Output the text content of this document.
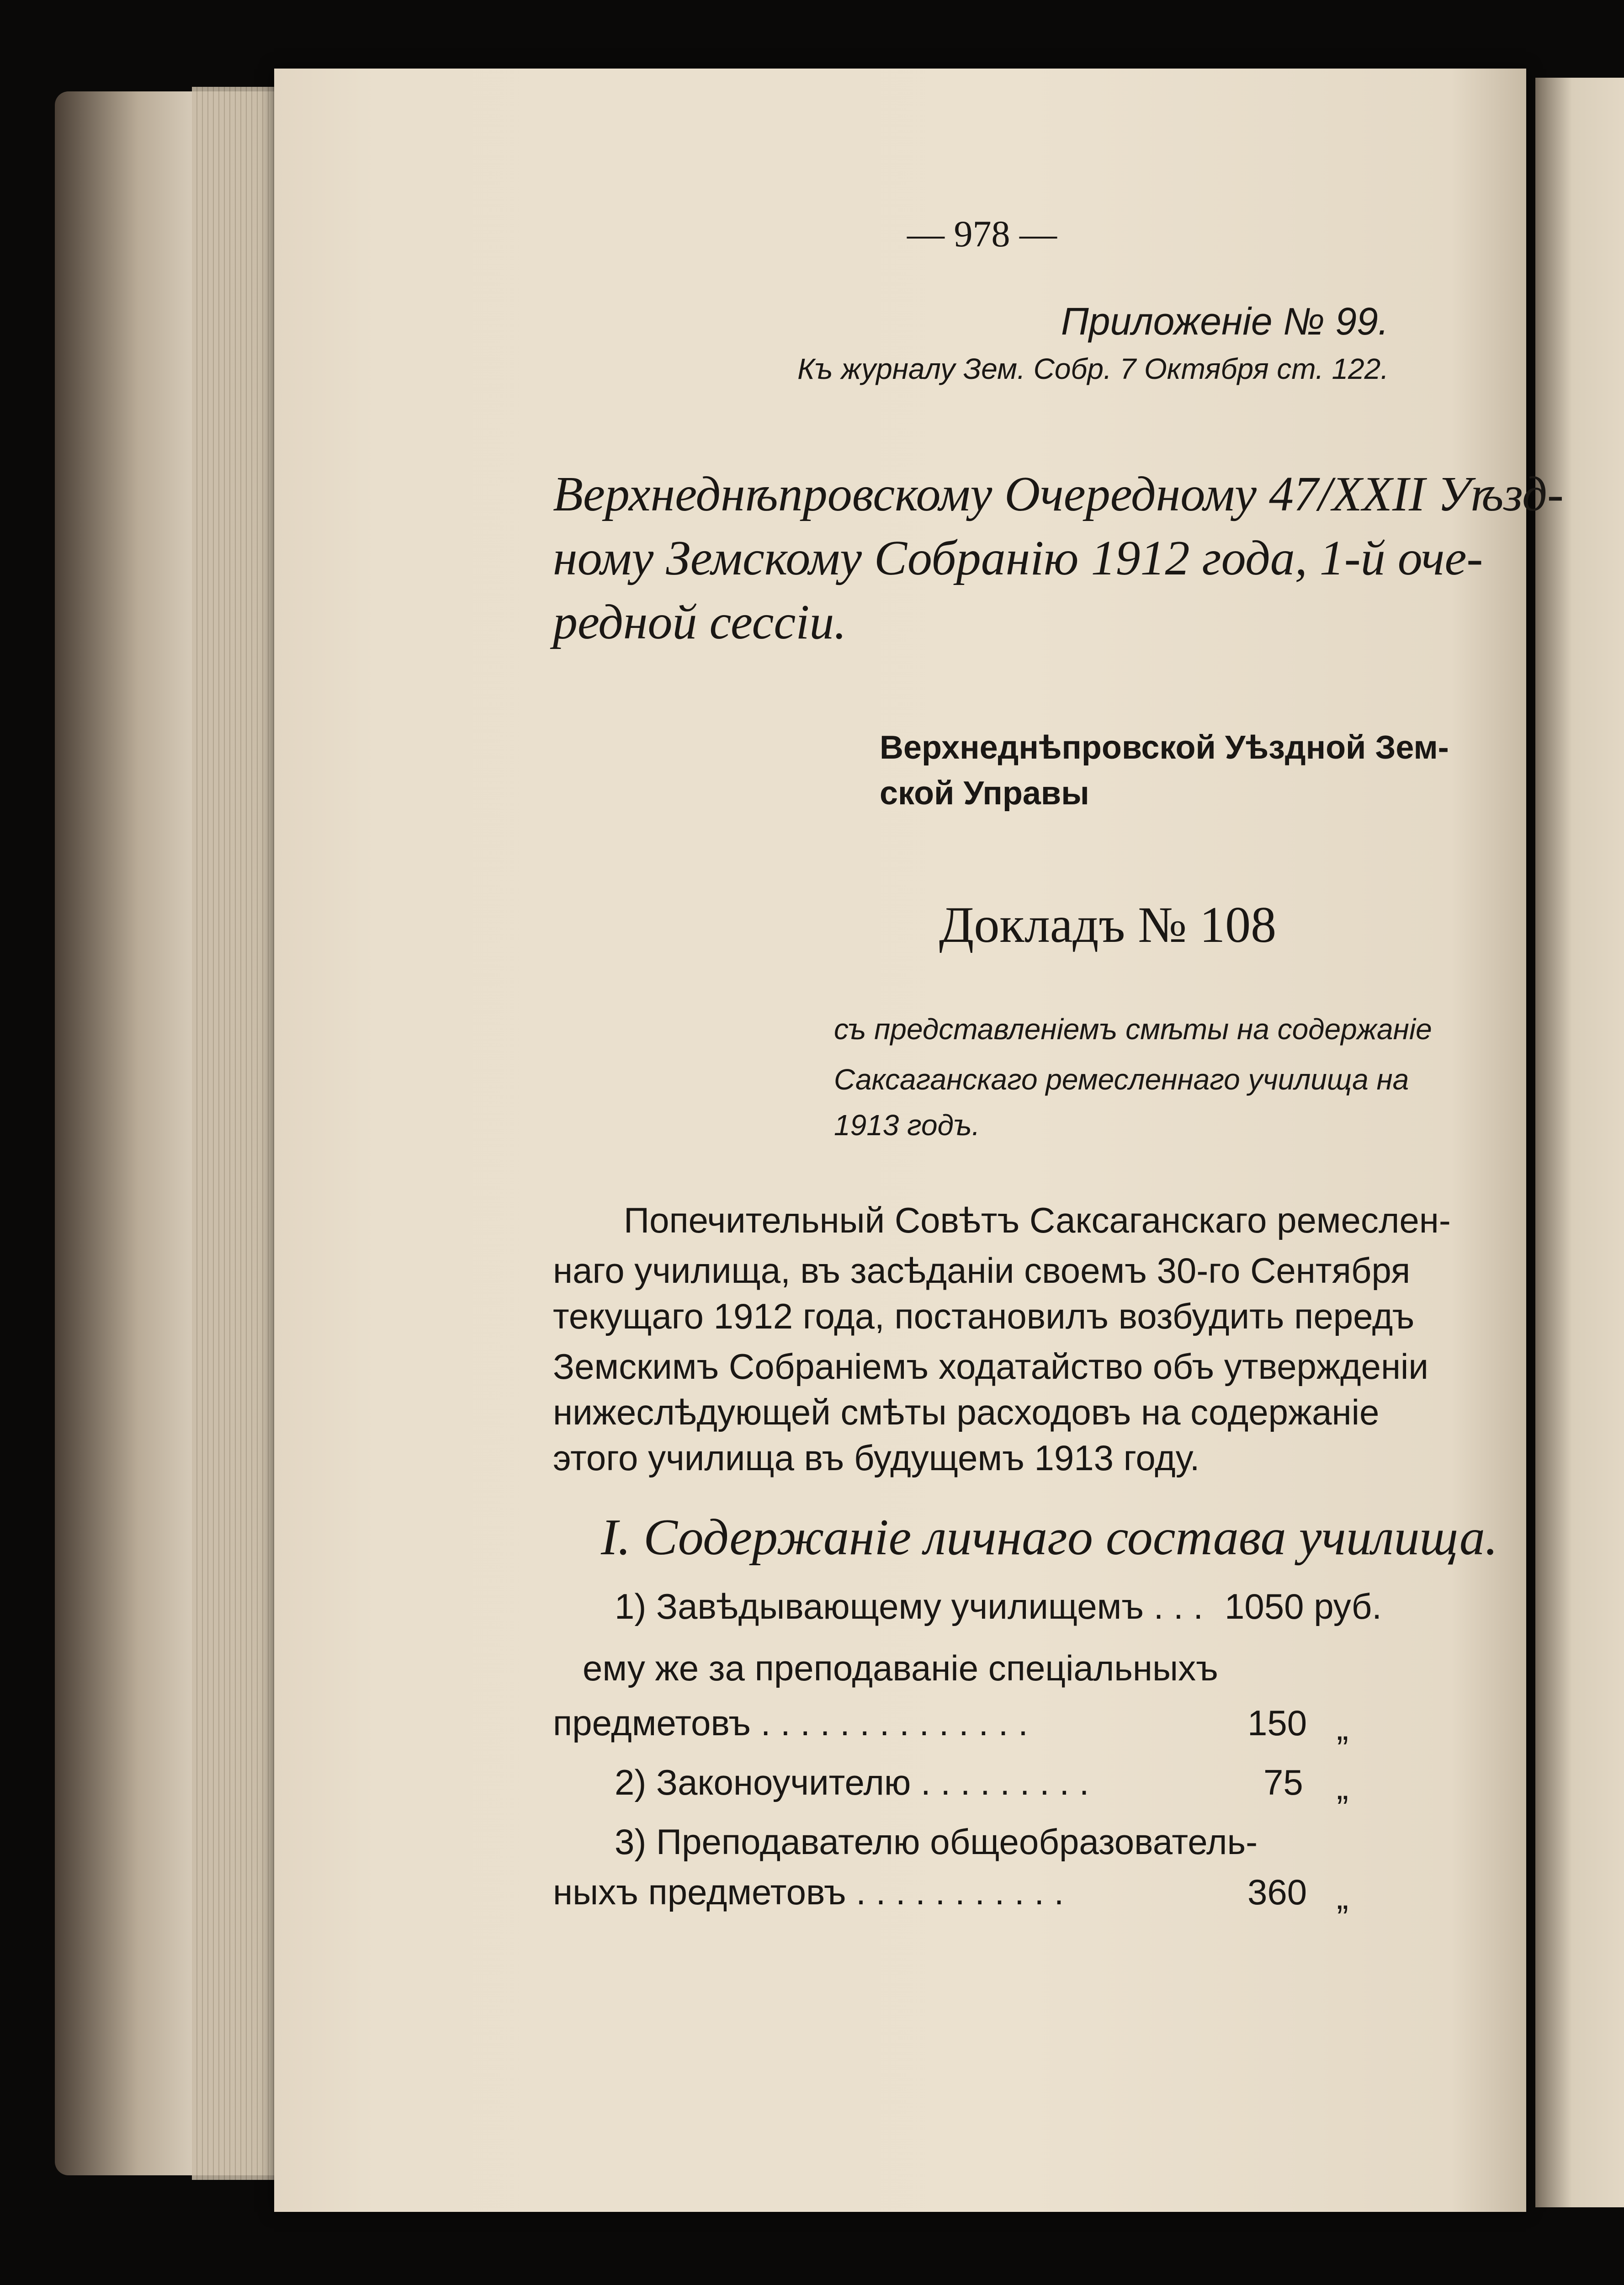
— 978 —
Приложеніе № 99.
Къ журналу Зем. Собр. 7 Октября ст. 122.
Верхнеднѣпровскому Очередному 47/XXII Уѣзд-
ному Земскому Собранію 1912 года, 1-й оче-
редной сессіи.
Верхнеднѣпровской Уѣздной Зем-
ской Управы
Докладъ № 108
съ представленіемъ смѣты на содержаніе
Саксаганскаго ремесленнаго училища на
1913 годъ.
Попечительный Совѣтъ Саксаганскаго ремеслен-
наго училища, въ засѣданіи своемъ 30-го Сентября
текущаго 1912 года, постановилъ возбудить передъ
Земскимъ Собраніемъ ходатайство объ утвержденіи
нижеслѣдующей смѣты расходовъ на содержаніе
этого училища въ будущемъ 1913 году.
I. Содержаніе личнаго состава училища.
1) Завѣдывающему училищемъ . . . 1050 руб.
ему же за преподаваніе спеціальныхъ
предметовъ . . . . . . . . . . . . . .	150 „
2) Законоучителю . . . . . . . . .	75 „
3) Преподавателю общеобразователь-
ныхъ предметовъ . . . . . . . . . . .	360 „
